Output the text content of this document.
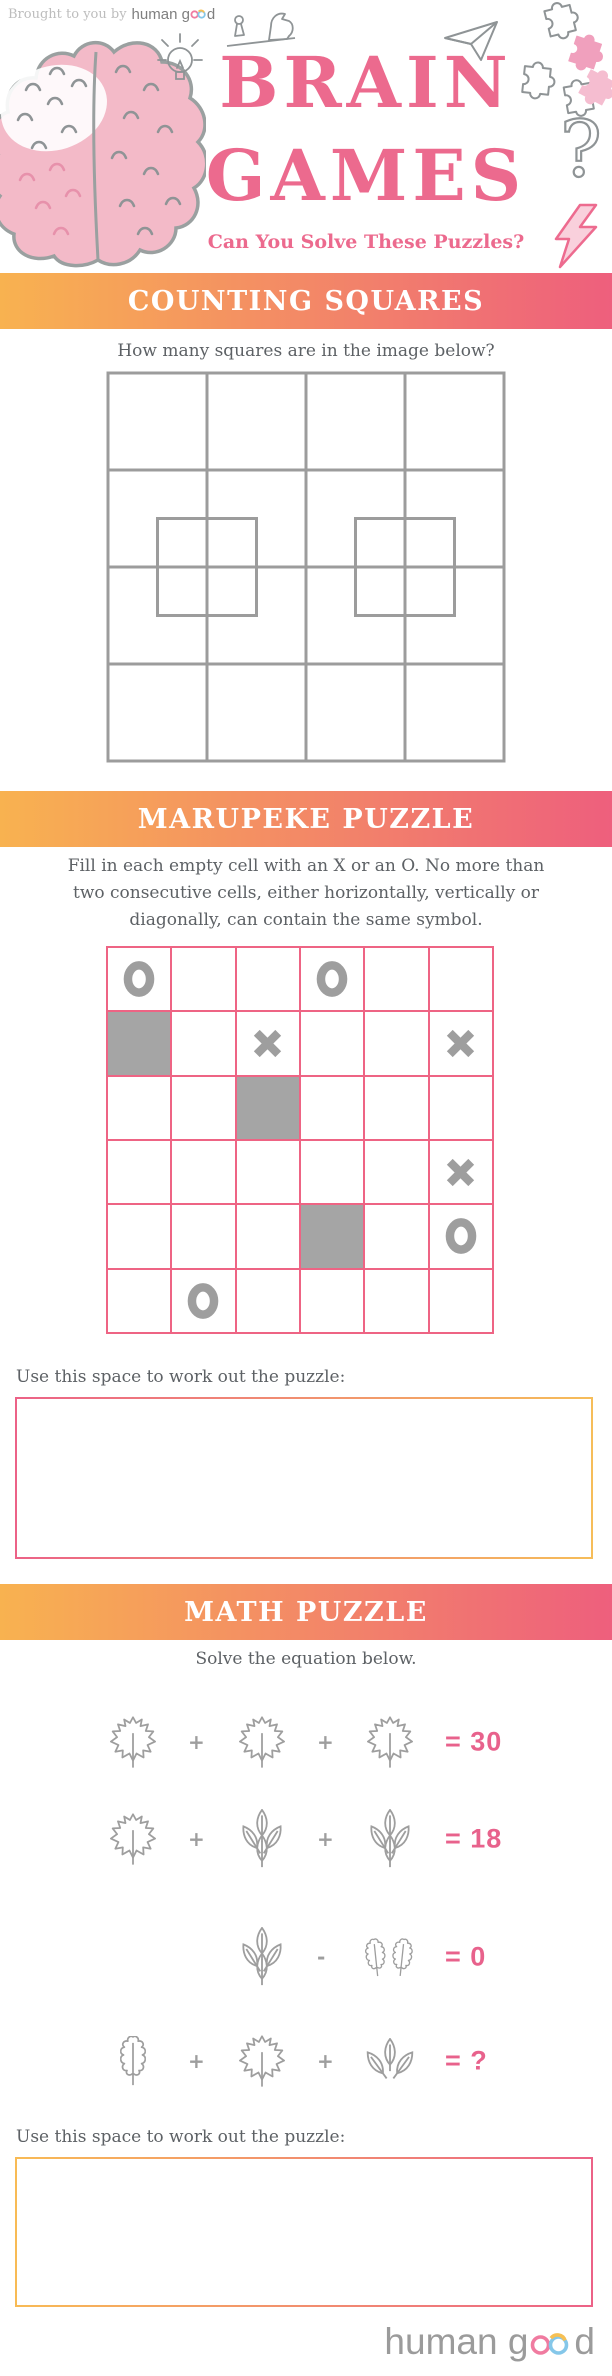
Brought to you by human g d
?
BRAIN
GAMES
Can You Solve These Puzzles?
COUNTING SQUARES
How many squares are in the image below?
MARUPEKE PUZZLE
Fill in each empty cell with an X or an O. No more than
two consecutive cells, either horizontally, vertically or
diagonally, can contain the same symbol.
Use this space to work out the puzzle:
MATH PUZZLE
Solve the equation below.
+	+	= 30
+	+	= 18
-	= 0
+	+	= ?
Use this space to work out the puzzle:
human g d
